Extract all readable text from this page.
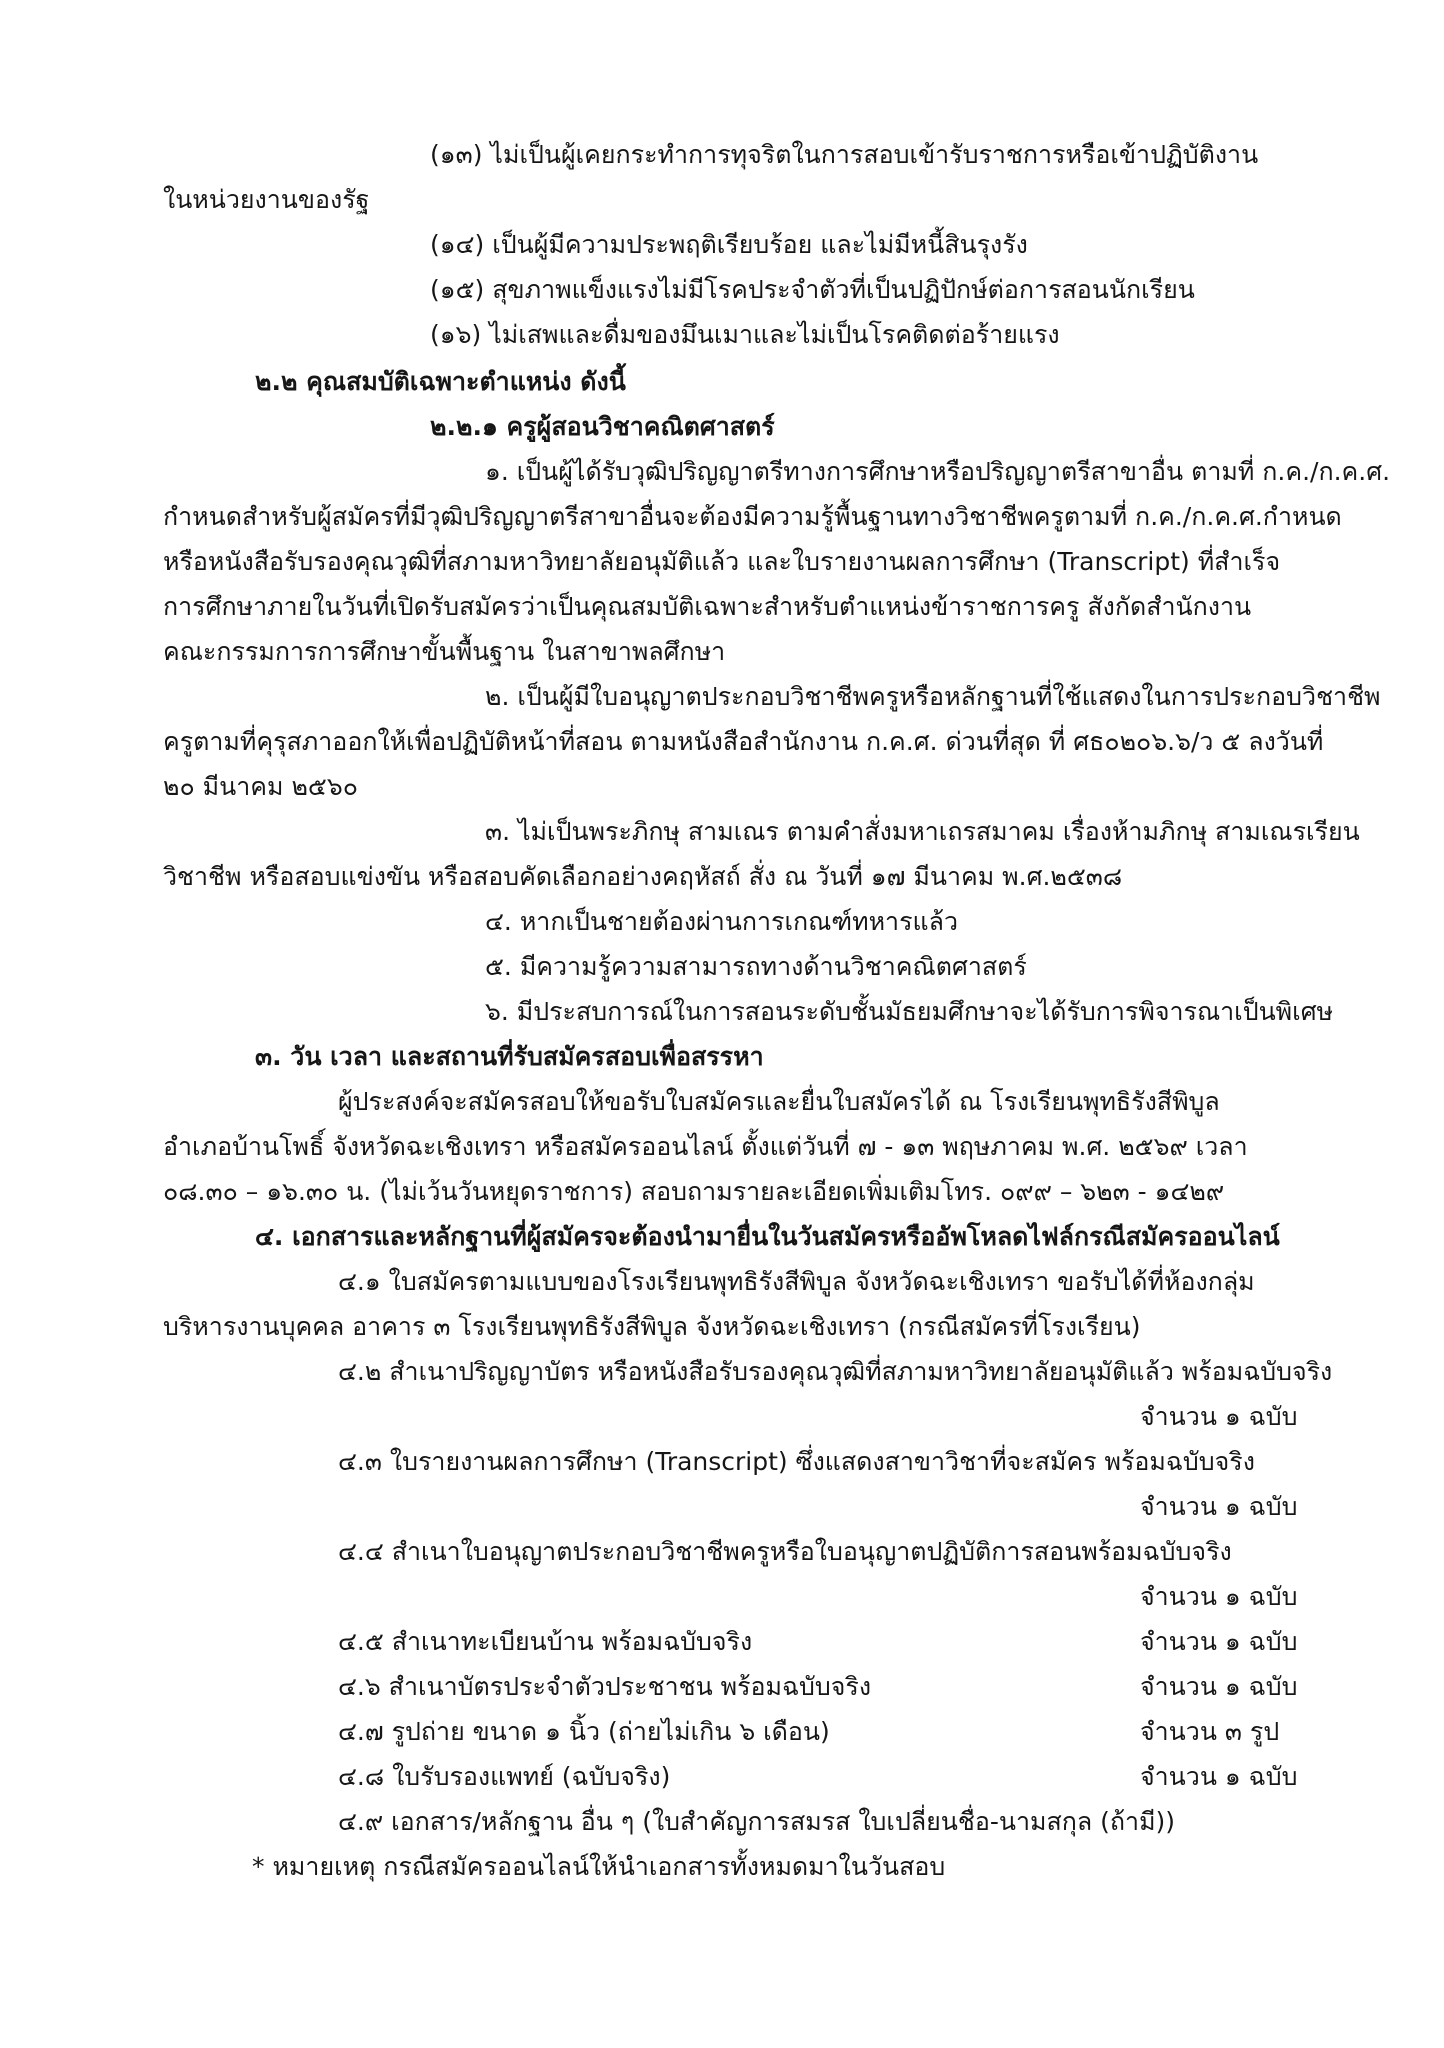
(๑๓) ไม่เป็นผู้เคยกระทำการทุจริตในการสอบเข้ารับราชการหรือเข้าปฏิบัติงาน
ในหน่วยงานของรัฐ
(๑๔) เป็นผู้มีความประพฤติเรียบร้อย และไม่มีหนี้สินรุงรัง
(๑๕) สุขภาพแข็งแรงไม่มีโรคประจำตัวที่เป็นปฏิปักษ์ต่อการสอนนักเรียน
(๑๖) ไม่เสพและดื่มของมึนเมาและไม่เป็นโรคติดต่อร้ายแรง
๒.๒ คุณสมบัติเฉพาะตำแหน่ง ดังนี้
๒.๒.๑ ครูผู้สอนวิชาคณิตศาสตร์
๑. เป็นผู้ได้รับวุฒิปริญญาตรีทางการศึกษาหรือปริญญาตรีสาขาอื่น ตามที่ ก.ค./ก.ค.ศ.
กำหนดสำหรับผู้สมัครที่มีวุฒิปริญญาตรีสาขาอื่นจะต้องมีความรู้พื้นฐานทางวิชาชีพครูตามที่ ก.ค./ก.ค.ศ.กำหนด
หรือหนังสือรับรองคุณวุฒิที่สภามหาวิทยาลัยอนุมัติแล้ว และใบรายงานผลการศึกษา (Transcript) ที่สำเร็จ
การศึกษาภายในวันที่เปิดรับสมัครว่าเป็นคุณสมบัติเฉพาะสำหรับตำแหน่งข้าราชการครู สังกัดสำนักงาน
คณะกรรมการการศึกษาขั้นพื้นฐาน ในสาขาพลศึกษา
๒. เป็นผู้มีใบอนุญาตประกอบวิชาชีพครูหรือหลักฐานที่ใช้แสดงในการประกอบวิชาชีพ
ครูตามที่คุรุสภาออกให้เพื่อปฏิบัติหน้าที่สอน ตามหนังสือสำนักงาน ก.ค.ศ. ด่วนที่สุด ที่ ศธ๐๒๐๖.๖/ว ๕ ลงวันที่
๒๐ มีนาคม ๒๕๖๐
๓. ไม่เป็นพระภิกษุ สามเณร ตามคำสั่งมหาเถรสมาคม เรื่องห้ามภิกษุ สามเณรเรียน
วิชาชีพ หรือสอบแข่งขัน หรือสอบคัดเลือกอย่างคฤหัสถ์ สั่ง ณ วันที่ ๑๗ มีนาคม พ.ศ.๒๕๓๘
๔. หากเป็นชายต้องผ่านการเกณฑ์ทหารแล้ว
๕. มีความรู้ความสามารถทางด้านวิชาคณิตศาสตร์
๖. มีประสบการณ์ในการสอนระดับชั้นมัธยมศึกษาจะได้รับการพิจารณาเป็นพิเศษ
๓. วัน เวลา และสถานที่รับสมัครสอบเพื่อสรรหา
ผู้ประสงค์จะสมัครสอบให้ขอรับใบสมัครและยื่นใบสมัครได้ ณ โรงเรียนพุทธิรังสีพิบูล
อำเภอบ้านโพธิ์ จังหวัดฉะเชิงเทรา หรือสมัครออนไลน์ ตั้งแต่วันที่ ๗ - ๑๓ พฤษภาคม พ.ศ. ๒๕๖๙ เวลา
๐๘.๓๐ – ๑๖.๓๐ น. (ไม่เว้นวันหยุดราชการ) สอบถามรายละเอียดเพิ่มเติมโทร. ๐๙๙ – ๖๒๓ - ๑๔๒๙
๔. เอกสารและหลักฐานที่ผู้สมัครจะต้องนำมายื่นในวันสมัครหรืออัพโหลดไฟล์กรณีสมัครออนไลน์
๔.๑ ใบสมัครตามแบบของโรงเรียนพุทธิรังสีพิบูล จังหวัดฉะเชิงเทรา ขอรับได้ที่ห้องกลุ่ม
บริหารงานบุคคล อาคาร ๓ โรงเรียนพุทธิรังสีพิบูล จังหวัดฉะเชิงเทรา (กรณีสมัครที่โรงเรียน)
๔.๒ สำเนาปริญญาบัตร หรือหนังสือรับรองคุณวุฒิที่สภามหาวิทยาลัยอนุมัติแล้ว พร้อมฉบับจริง
จำนวน ๑ ฉบับ
๔.๓ ใบรายงานผลการศึกษา (Transcript) ซึ่งแสดงสาขาวิชาที่จะสมัคร พร้อมฉบับจริง
จำนวน ๑ ฉบับ
๔.๔ สำเนาใบอนุญาตประกอบวิชาชีพครูหรือใบอนุญาตปฏิบัติการสอนพร้อมฉบับจริง
จำนวน ๑ ฉบับ
๔.๕ สำเนาทะเบียนบ้าน พร้อมฉบับจริง	จำนวน ๑ ฉบับ
๔.๖ สำเนาบัตรประจำตัวประชาชน พร้อมฉบับจริง	จำนวน ๑ ฉบับ
๔.๗ รูปถ่าย ขนาด ๑ นิ้ว (ถ่ายไม่เกิน ๖ เดือน)	จำนวน ๓ รูป
๔.๘ ใบรับรองแพทย์ (ฉบับจริง)	จำนวน ๑ ฉบับ
๔.๙ เอกสาร/หลักฐาน อื่น ๆ (ใบสำคัญการสมรส ใบเปลี่ยนชื่อ-นามสกุล (ถ้ามี))
* หมายเหตุ กรณีสมัครออนไลน์ให้นำเอกสารทั้งหมดมาในวันสอบ
